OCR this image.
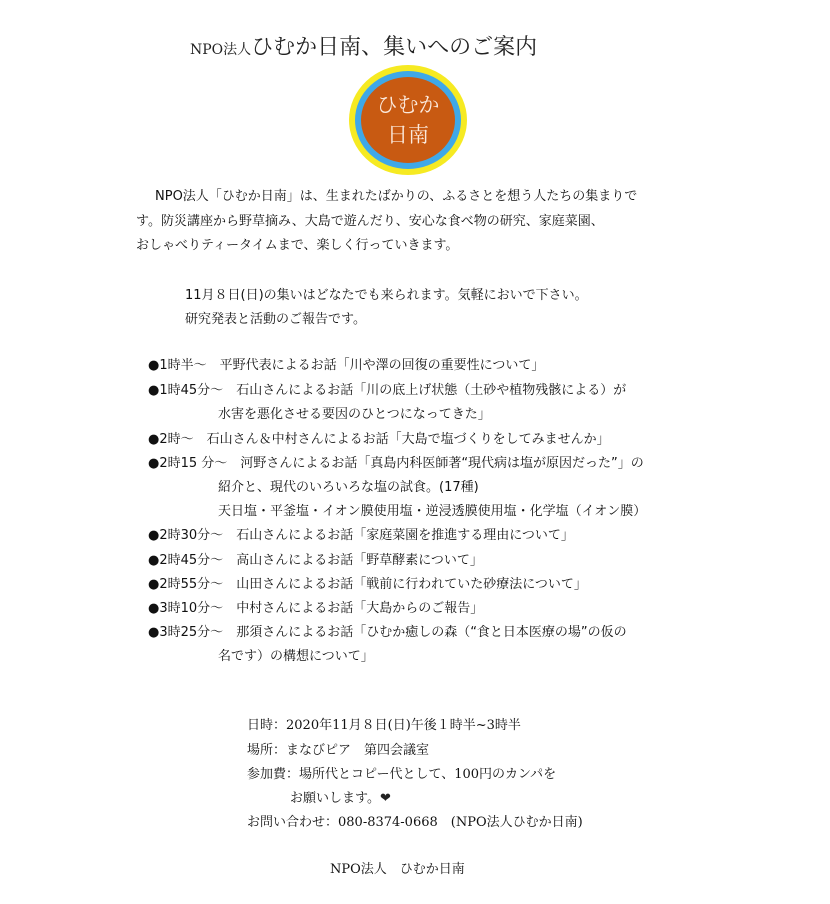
NPO法人ひむか日南、集いへのご案内
ひむか
日南
NPO法人「ひむか日南」は、生まれたばかりの、ふるさとを想う人たちの集まりで
す。防災講座から野草摘み、大島で遊んだり、安心な食べ物の研究、家庭菜園、
おしゃべりティータイムまで、楽しく行っていきます。
11月８日(日)の集いはどなたでも来られます。気軽においで下さい。
研究発表と活動のご報告です。
●1時半～　 平野代表によるお話「川や澤の回復の重要性について」
●1時45分～　 石山さんによるお話「川の底上げ状態（土砂や植物残骸による）が
水害を悪化させる要因のひとつになってきた」
●2時～　 石山さん＆中村さんによるお話「大島で塩づくりをしてみませんか」
●2時15 分～　 河野さんによるお話「真島内科医師著“現代病は塩が原因だった”」の
紹介と、現代のいろいろな塩の試食。(17種)
天日塩・平釜塩・イオン膜使用塩・逆浸透膜使用塩・化学塩（イオン膜）
●2時30分～　 石山さんによるお話「家庭菜園を推進する理由について」
●2時45分～　 高山さんによるお話「野草酵素について」
●2時55分～　 山田さんによるお話「戦前に行われていた砂療法について」
●3時10分～　 中村さんによるお話「大島からのご報告」
●3時25分～　 那須さんによるお話「ひむか癒しの森（“食と日本医療の場”の仮の
名です）の構想について」
日時：2020年11月８日(日)午後１時半~3時半
場所：まなびピア　第四会議室
参加費：場所代とコピー代として、100円のカンパを
お願いします。❤
お問い合わせ：080-8374-0668　(NPO法人ひむか日南)
NPO法人　ひむか日南
